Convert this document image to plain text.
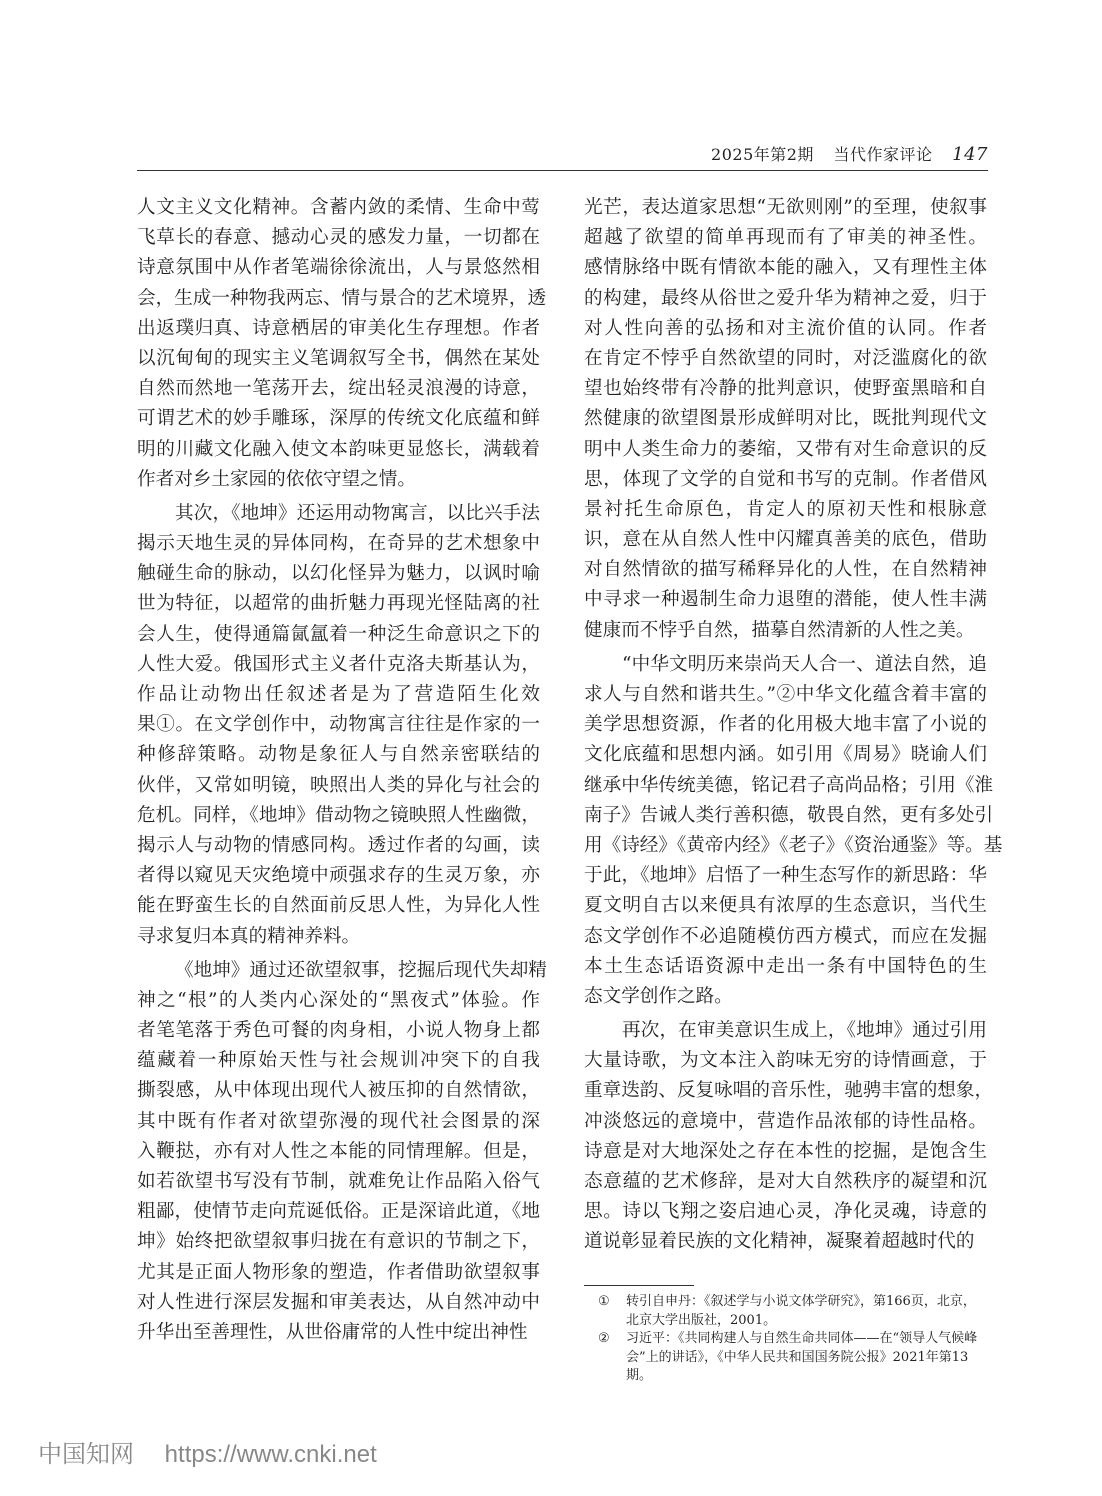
2025年第2期 当代作家评论 147
人文主义文化精神。含蓄内敛的柔情、生命中莺
飞草长的春意、撼动心灵的感发力量，一切都在
诗意氛围中从作者笔端徐徐流出，人与景悠然相
会，生成一种物我两忘、情与景合的艺术境界，透
出返璞归真、诗意栖居的审美化生存理想。作者
以沉甸甸的现实主义笔调叙写全书，偶然在某处
自然而然地一笔荡开去，绽出轻灵浪漫的诗意，
可谓艺术的妙手雕琢，深厚的传统文化底蕴和鲜
明的川藏文化融入使文本韵味更显悠长，满载着
作者对乡土家园的依依守望之情。
其次，《地坤》还运用动物寓言，以比兴手法
揭示天地生灵的异体同构，在奇异的艺术想象中
触碰生命的脉动，以幻化怪异为魅力，以讽时喻
世为特征，以超常的曲折魅力再现光怪陆离的社
会人生，使得通篇氤氲着一种泛生命意识之下的
人性大爱。俄国形式主义者什克洛夫斯基认为，
作品让动物出任叙述者是为了营造陌生化效
果①。在文学创作中，动物寓言往往是作家的一
种修辞策略。动物是象征人与自然亲密联结的
伙伴，又常如明镜，映照出人类的异化与社会的
危机。同样，《地坤》借动物之镜映照人性幽微，
揭示人与动物的情感同构。透过作者的勾画，读
者得以窥见天灾绝境中顽强求存的生灵万象，亦
能在野蛮生长的自然面前反思人性，为异化人性
寻求复归本真的精神养料。
《地坤》通过还欲望叙事，挖掘后现代失却精
神之“根”的人类内心深处的“黑夜式”体验。作
者笔笔落于秀色可餐的肉身相，小说人物身上都
蕴藏着一种原始天性与社会规训冲突下的自我
撕裂感，从中体现出现代人被压抑的自然情欲，
其中既有作者对欲望弥漫的现代社会图景的深
入鞭挞，亦有对人性之本能的同情理解。但是，
如若欲望书写没有节制，就难免让作品陷入俗气
粗鄙，使情节走向荒诞低俗。正是深谙此道，《地
坤》始终把欲望叙事归拢在有意识的节制之下，
尤其是正面人物形象的塑造，作者借助欲望叙事
对人性进行深层发掘和审美表达，从自然冲动中
升华出至善理性，从世俗庸常的人性中绽出神性
光芒，表达道家思想“无欲则刚”的至理，使叙事
超越了欲望的简单再现而有了审美的神圣性。
感情脉络中既有情欲本能的融入，又有理性主体
的构建，最终从俗世之爱升华为精神之爱，归于
对人性向善的弘扬和对主流价值的认同。作者
在肯定不悖乎自然欲望的同时，对泛滥腐化的欲
望也始终带有冷静的批判意识，使野蛮黑暗和自
然健康的欲望图景形成鲜明对比，既批判现代文
明中人类生命力的萎缩，又带有对生命意识的反
思，体现了文学的自觉和书写的克制。作者借风
景衬托生命原色，肯定人的原初天性和根脉意
识，意在从自然人性中闪耀真善美的底色，借助
对自然情欲的描写稀释异化的人性，在自然精神
中寻求一种遏制生命力退堕的潜能，使人性丰满
健康而不悖乎自然，描摹自然清新的人性之美。
“中华文明历来崇尚天人合一、道法自然，追
求人与自然和谐共生。”②中华文化蕴含着丰富的
美学思想资源，作者的化用极大地丰富了小说的
文化底蕴和思想内涵。如引用《周易》晓谕人们
继承中华传统美德，铭记君子高尚品格；引用《淮
南子》告诫人类行善积德，敬畏自然，更有多处引
用《诗经》《黄帝内经》《老子》《资治通鉴》等。基
于此，《地坤》启悟了一种生态写作的新思路：华
夏文明自古以来便具有浓厚的生态意识，当代生
态文学创作不必追随模仿西方模式，而应在发掘
本土生态话语资源中走出一条有中国特色的生
态文学创作之路。
再次，在审美意识生成上，《地坤》通过引用
大量诗歌，为文本注入韵味无穷的诗情画意，于
重章迭韵、反复咏唱的音乐性，驰骋丰富的想象，
冲淡悠远的意境中，营造作品浓郁的诗性品格。
诗意是对大地深处之存在本性的挖掘，是饱含生
态意蕴的艺术修辞，是对大自然秩序的凝望和沉
思。诗以飞翔之姿启迪心灵，净化灵魂，诗意的
道说彰显着民族的文化精神，凝聚着超越时代的
①	转引自申丹：《叙述学与小说文体学研究》，第166页，北京，北京大学出版社，2001。
②	习近平：《共同构建人与自然生命共同体——在“领导人气候峰会”上的讲话》，《中华人民共和国国务院公报》2021年第13期。
中国知网 https://www.cnki.net
